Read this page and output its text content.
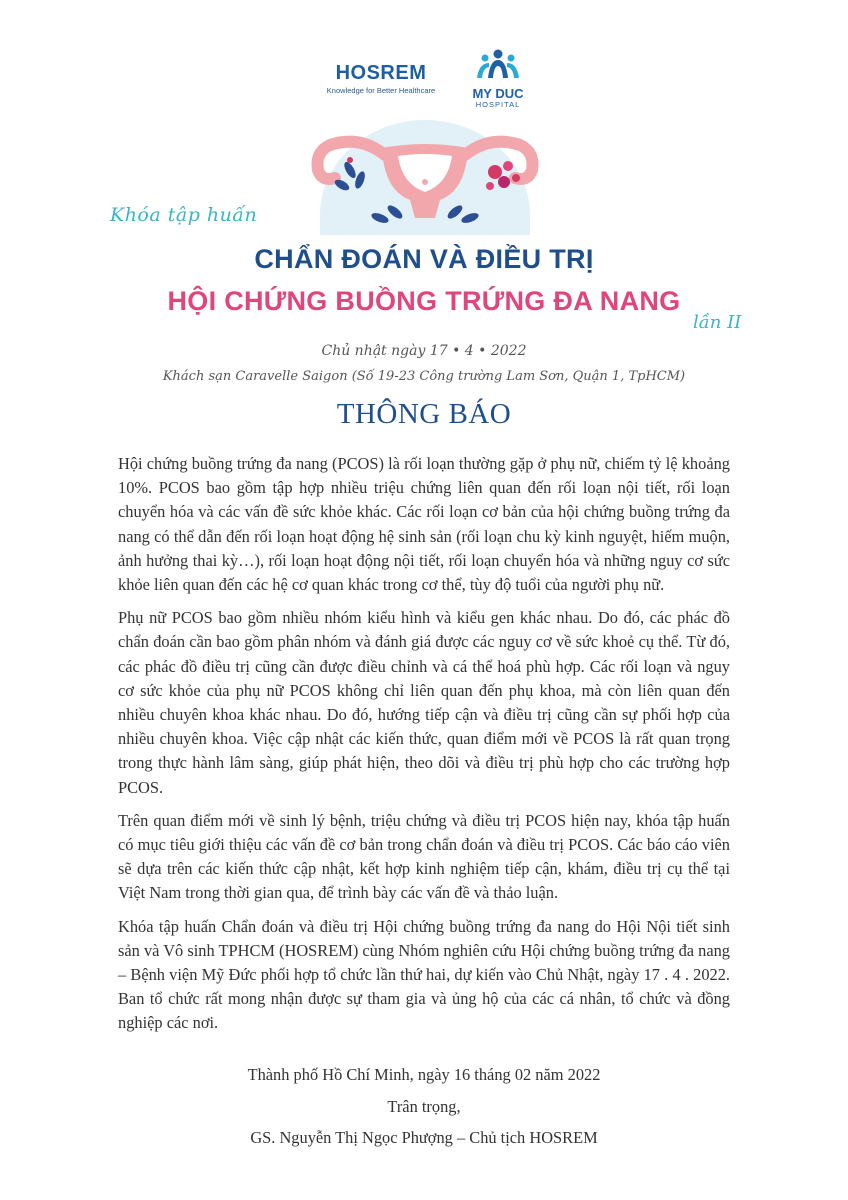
HOSREM
Knowledge for Better Healthcare	MY DUC
HOSPITAL
Khóa tập huấn
CHẨN ĐOÁN VÀ ĐIỀU TRỊ
HỘI CHỨNG BUỒNG TRỨNG ĐA NANG
lần II
Chủ nhật ngày 17 • 4 • 2022
Khách sạn Caravelle Saigon (Số 19-23 Công trường Lam Sơn, Quận 1, TpHCM)
THÔNG BÁO

Hội chứng buồng trứng đa nang (PCOS) là rối loạn thường gặp ở phụ nữ, chiếm tỷ lệ khoảng 10%. PCOS bao gồm tập hợp nhiều triệu chứng liên quan đến rối loạn nội tiết, rối loạn chuyển hóa và các vấn đề sức khỏe khác. Các rối loạn cơ bản của hội chứng buồng trứng đa nang có thể dẫn đến rối loạn hoạt động hệ sinh sản (rối loạn chu kỳ kinh nguyệt, hiếm muộn, ảnh hưởng thai kỳ…), rối loạn hoạt động nội tiết, rối loạn chuyển hóa và những nguy cơ sức khỏe liên quan đến các hệ cơ quan khác trong cơ thể, tùy độ tuổi của người phụ nữ.

Phụ nữ PCOS bao gồm nhiều nhóm kiểu hình và kiểu gen khác nhau. Do đó, các phác đồ chẩn đoán cần bao gồm phân nhóm và đánh giá được các nguy cơ về sức khoẻ cụ thể. Từ đó, các phác đồ điều trị cũng cần được điều chỉnh và cá thể hoá phù hợp. Các rối loạn và nguy cơ sức khỏe của phụ nữ PCOS không chỉ liên quan đến phụ khoa, mà còn liên quan đến nhiều chuyên khoa khác nhau. Do đó, hướng tiếp cận và điều trị cũng cần sự phối hợp của nhiều chuyên khoa. Việc cập nhật các kiến thức, quan điểm mới về PCOS là rất quan trọng trong thực hành lâm sàng, giúp phát hiện, theo dõi và điều trị phù hợp cho các trường hợp PCOS.

Trên quan điểm mới về sinh lý bệnh, triệu chứng và điều trị PCOS hiện nay, khóa tập huấn có mục tiêu giới thiệu các vấn đề cơ bản trong chẩn đoán và điều trị PCOS. Các báo cáo viên sẽ dựa trên các kiến thức cập nhật, kết hợp kinh nghiệm tiếp cận, khám, điều trị cụ thể tại Việt Nam trong thời gian qua, để trình bày các vấn đề và thảo luận.

Khóa tập huấn Chẩn đoán và điều trị Hội chứng buồng trứng đa nang do Hội Nội tiết sinh sản và Vô sinh TPHCM (HOSREM) cùng Nhóm nghiên cứu Hội chứng buồng trứng đa nang – Bệnh viện Mỹ Đức phối hợp tổ chức lần thứ hai, dự kiến vào Chủ Nhật, ngày 17 . 4 . 2022. Ban tổ chức rất mong nhận được sự tham gia và ủng hộ của các cá nhân, tổ chức và đồng nghiệp các nơi.

Thành phố Hồ Chí Minh, ngày 16 tháng 02 năm 2022
Trân trọng,
GS. Nguyễn Thị Ngọc Phượng – Chủ tịch HOSREM
